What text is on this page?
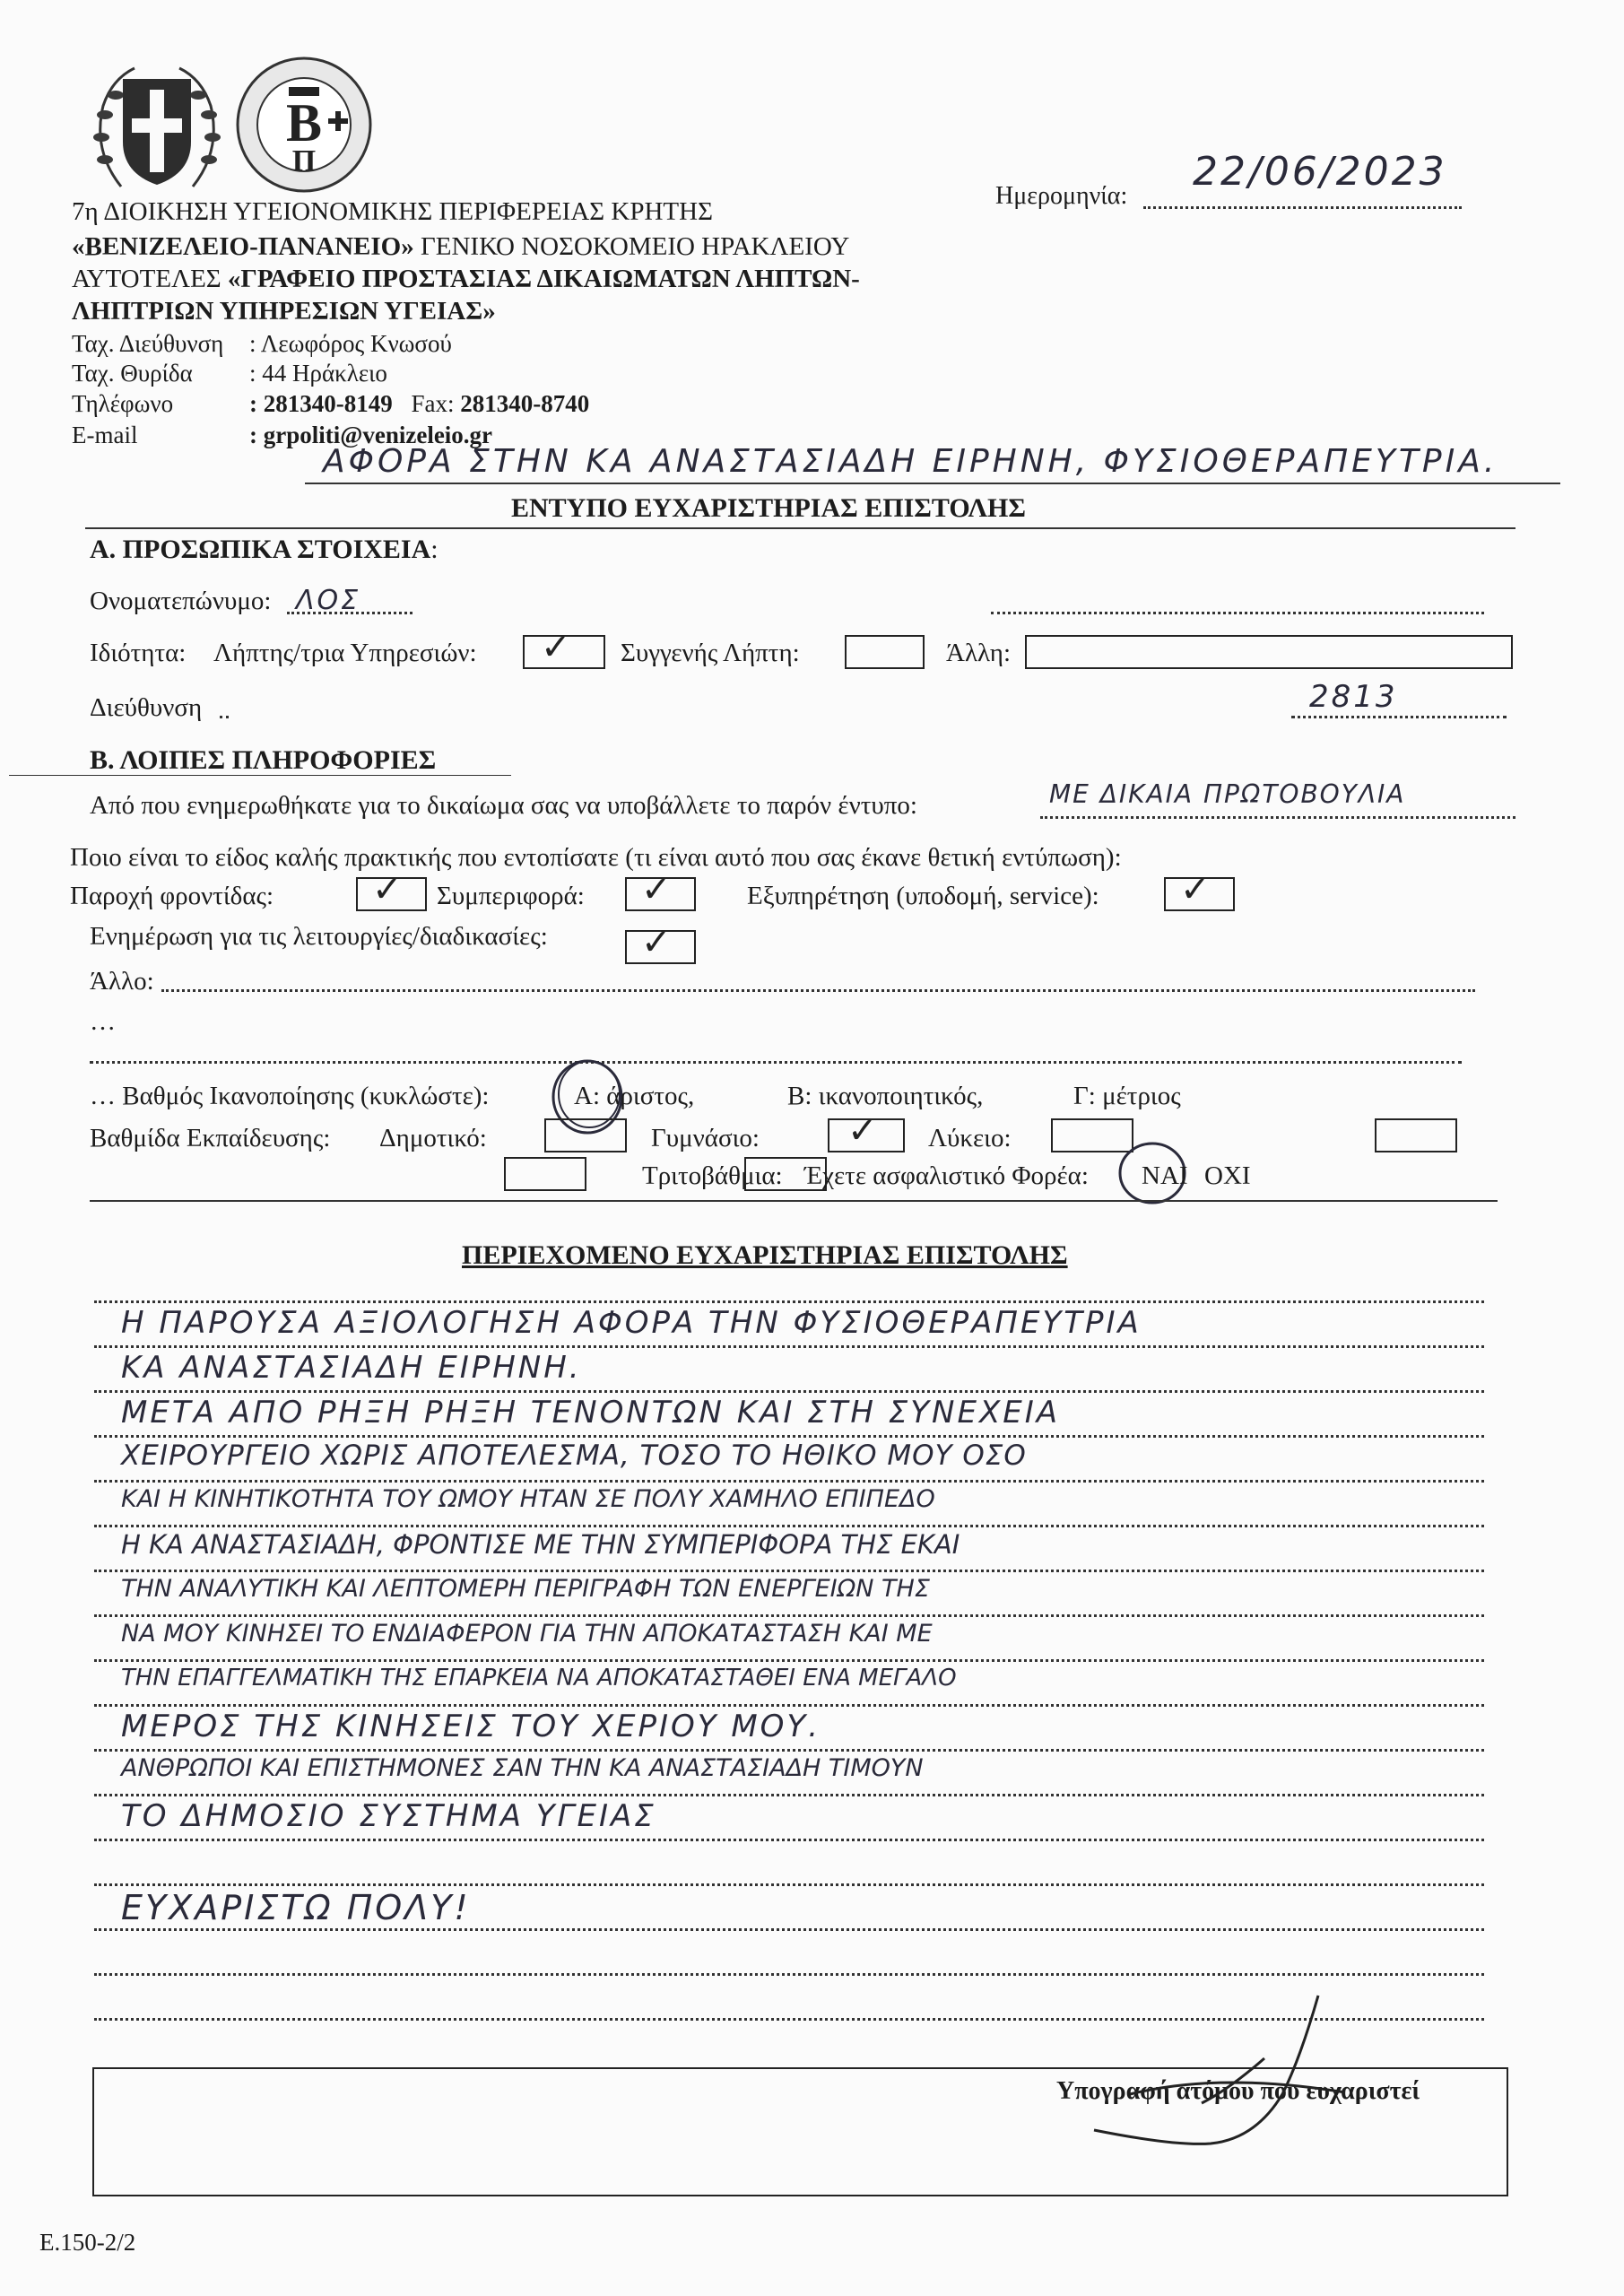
Β
Π
7η ΔΙΟΙΚΗΣΗ ΥΓΕΙΟΝΟΜΙΚΗΣ ΠΕΡΙΦΕΡΕΙΑΣ ΚΡΗΤΗΣ
«ΒΕΝΙΖΕΛΕΙΟ-ΠΑΝΑΝΕΙΟ» ΓΕΝΙΚΟ ΝΟΣΟΚΟΜΕΙΟ ΗΡΑΚΛΕΙΟΥ
ΑΥΤΟΤΕΛΕΣ «ΓΡΑΦΕΙΟ ΠΡΟΣΤΑΣΙΑΣ ΔΙΚΑΙΩΜΑΤΩΝ ΛΗΠΤΩΝ-
ΛΗΠΤΡΙΩΝ ΥΠΗΡΕΣΙΩΝ ΥΓΕΙΑΣ»
Ταχ. Διεύθυνση : Λεωφόρος Κνωσού
Ταχ. Θυρίδα : 44 Ηράκλειο
Τηλέφωνο	: 281340-8149 Fax: 281340-8740
E-mail	: grpoliti@venizeleio.gr
Ημερομηνία:
22/06/2023
ΑΦΟΡΑ ΣΤΗΝ ΚΑ ΑΝΑΣΤΑΣΙΑΔΗ ΕΙΡΗΝΗ, ΦΥΣΙΟΘΕΡΑΠΕΥΤΡΙΑ.
ΕΝΤΥΠΟ ΕΥΧΑΡΙΣΤΗΡΙΑΣ ΕΠΙΣΤΟΛΗΣ
Α. ΠΡΟΣΩΠΙΚΑ ΣΤΟΙΧΕΙΑ:
Ονοματεπώνυμο: ΛΟΣ
Ιδιότητα: Λήπτης/τρια Υπηρεσιών: ✓ Συγγενής Λήπτη:	Άλλη:
Διεύθυνση	2813
Β. ΛΟΙΠΕΣ ΠΛΗΡΟΦΟΡΙΕΣ
Από που ενημερωθήκατε για το δικαίωμα σας να υποβάλλετε το παρόν έντυπο:	ΜΕ ΔΙΚΑΙΑ ΠΡΩΤΟΒΟΥΛΙΑ
Ποιο είναι το είδος καλής πρακτικής που εντοπίσατε (τι είναι αυτό που σας έκανε θετική εντύπωση):
Παροχή φροντίδας:	✓ Συμπεριφορά: ✓	Εξυπηρέτηση (υποδομή, service): ✓
Ενημέρωση για τις λειτουργίες/διαδικασίες:	✓
Άλλο:
…
… Βαθμός Ικανοποίησης (κυκλώστε):	Α: άριστος,	Β: ικανοποιητικός,	Γ: μέτριος
Βαθμίδα Εκπαίδευσης: Δημοτικό:	Γυμνάσιο: ✓ Λύκειο:
Τριτοβάθμια: Έχετε ασφαλιστικό Φορέα: ΝΑΙ ΟΧΙ
ΠΕΡΙΕΧΟΜΕΝΟ ΕΥΧΑΡΙΣΤΗΡΙΑΣ ΕΠΙΣΤΟΛΗΣ
Η ΠΑΡΟΥΣΑ ΑΞΙΟΛΟΓΗΣΗ ΑΦΟΡΑ ΤΗΝ ΦΥΣΙΟΘΕΡΑΠΕΥΤΡΙΑ
ΚΑ ΑΝΑΣΤΑΣΙΑΔΗ ΕΙΡΗΝΗ.
ΜΕΤΑ ΑΠΟ ΡΗΞΗ ΡΗΞΗ ΤΕΝΟΝΤΩΝ ΚΑΙ ΣΤΗ ΣΥΝΕΧΕΙΑ
ΧΕΙΡΟΥΡΓΕΙΟ ΧΩΡΙΣ ΑΠΟΤΕΛΕΣΜΑ, ΤΟΣΟ ΤΟ ΗΘΙΚΟ ΜΟΥ ΟΣΟ
ΚΑΙ Η ΚΙΝΗΤΙΚΟΤΗΤΑ ΤΟΥ ΩΜΟΥ ΗΤΑΝ ΣΕ ΠΟΛΥ ΧΑΜΗΛΟ ΕΠΙΠΕΔΟ
Η ΚΑ ΑΝΑΣΤΑΣΙΑΔΗ, ΦΡΟΝΤΙΣΕ ΜΕ ΤΗΝ ΣΥΜΠΕΡΙΦΟΡΑ ΤΗΣ ΕΚΑΙ
ΤΗΝ ΑΝΑΛΥΤΙΚΗ ΚΑΙ ΛΕΠΤΟΜΕΡΗ ΠΕΡΙΓΡΑΦΗ ΤΩΝ ΕΝΕΡΓΕΙΩΝ ΤΗΣ
ΝΑ ΜΟΥ ΚΙΝΗΣΕΙ ΤΟ ΕΝΔΙΑΦΕΡΟΝ ΓΙΑ ΤΗΝ ΑΠΟΚΑΤΑΣΤΑΣΗ ΚΑΙ ΜΕ
ΤΗΝ ΕΠΑΓΓΕΛΜΑΤΙΚΗ ΤΗΣ ΕΠΑΡΚΕΙΑ ΝΑ ΑΠΟΚΑΤΑΣΤΑΘΕΙ ΕΝΑ ΜΕΓΑΛΟ
ΜΕΡΟΣ ΤΗΣ ΚΙΝΗΣΕΙΣ ΤΟΥ ΧΕΡΙΟΥ ΜΟΥ.
ΑΝΘΡΩΠΟΙ ΚΑΙ ΕΠΙΣΤΗΜΟΝΕΣ ΣΑΝ ΤΗΝ ΚΑ ΑΝΑΣΤΑΣΙΑΔΗ ΤΙΜΟΥΝ
ΤΟ ΔΗΜΟΣΙΟ ΣΥΣΤΗΜΑ ΥΓΕΙΑΣ
ΕΥΧΑΡΙΣΤΩ ΠΟΛΥ!
Υπογραφή ατόμου που ευχαριστεί
Ε.150-2/2
